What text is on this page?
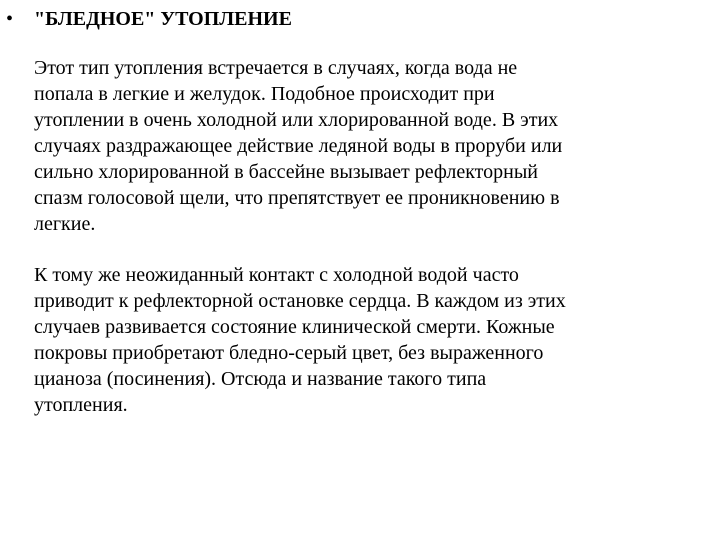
• "БЛЕДНОЕ" УТОПЛЕНИЕ
Этот тип утопления встречается в случаях, когда вода не
попала в легкие и желудок. Подобное происходит при
утоплении в очень холодной или хлорированной воде. В этих
случаях раздражающее действие ледяной воды в проруби или
сильно хлорированной в бассейне вызывает рефлекторный
спазм голосовой щели, что препятствует ее проникновению в
легкие.
К тому же неожиданный контакт с холодной водой часто
приводит к рефлекторной остановке сердца. В каждом из этих
случаев развивается состояние клинической смерти. Кожные
покровы приобретают бледно-серый цвет, без выраженного
цианоза (посинения). Отсюда и название такого типа
утопления.
